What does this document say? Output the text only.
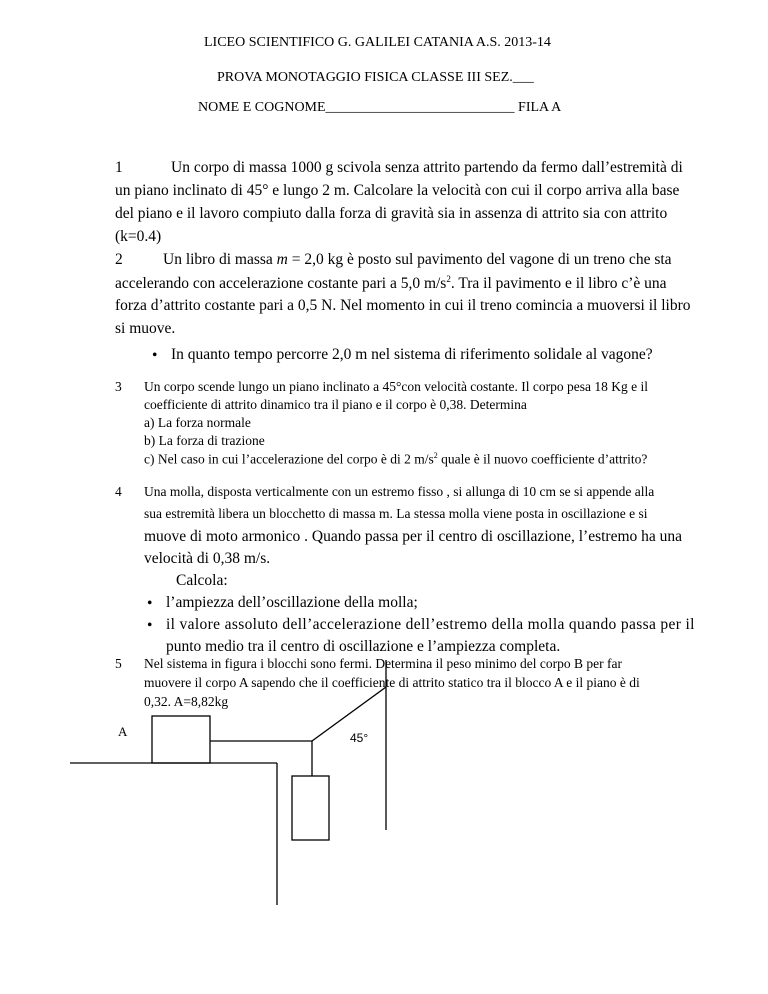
LICEO SCIENTIFICO G. GALILEI CATANIA A.S. 2013-14
PROVA MONOTAGGIO FISICA CLASSE III SEZ.___
NOME E COGNOME___________________________ FILA A
1	Un corpo di massa 1000 g scivola senza attrito partendo da fermo dall’estremità di
un piano inclinato di 45° e lungo 2 m. Calcolare la velocità con cui il corpo arriva alla base
del piano e il lavoro compiuto dalla forza di gravità sia in assenza di attrito sia con attrito
(k=0.4)
2	Un libro di massa m = 2,0 kg è posto sul pavimento del vagone di un treno che sta
accelerando con accelerazione costante pari a 5,0 $m/s^2$. Tra il pavimento e il libro c’è una
forza d’attrito costante pari a 0,5 N. Nel momento in cui il treno comincia a muoversi il libro
si muove.
• In quanto tempo percorre 2,0 m nel sistema di riferimento solidale al vagone?
3 Un corpo scende lungo un piano inclinato a 45°con velocità costante. Il corpo pesa 18 Kg e il
coefficiente di attrito dinamico tra il piano e il corpo è 0,38. Determina
a) La forza normale
b) La forza di trazione
c) Nel caso in cui l’accelerazione del corpo è di 2 $m/s^2$ quale è il nuovo coefficiente d’attrito?
4 Una molla, disposta verticalmente con un estremo fisso , si allunga di 10 cm se si appende alla
sua estremità libera un blocchetto di massa m. La stessa molla viene posta in oscillazione e si
muove di moto armonico . Quando passa per il centro di oscillazione, l’estremo ha una
velocità di 0,38 m/s.
Calcola:
• l’ampiezza dell’oscillazione della molla;
• il valore assoluto dell’accelerazione dell’estremo della molla quando passa per il
punto medio tra il centro di oscillazione e l’ampiezza completa.
5 Nel sistema in figura i blocchi sono fermi. Determina il peso minimo del corpo B per far
muovere il corpo A sapendo che il coefficiente di attrito statico tra il blocco A e il piano è di
0,32. A=8,82kg
A	45°
